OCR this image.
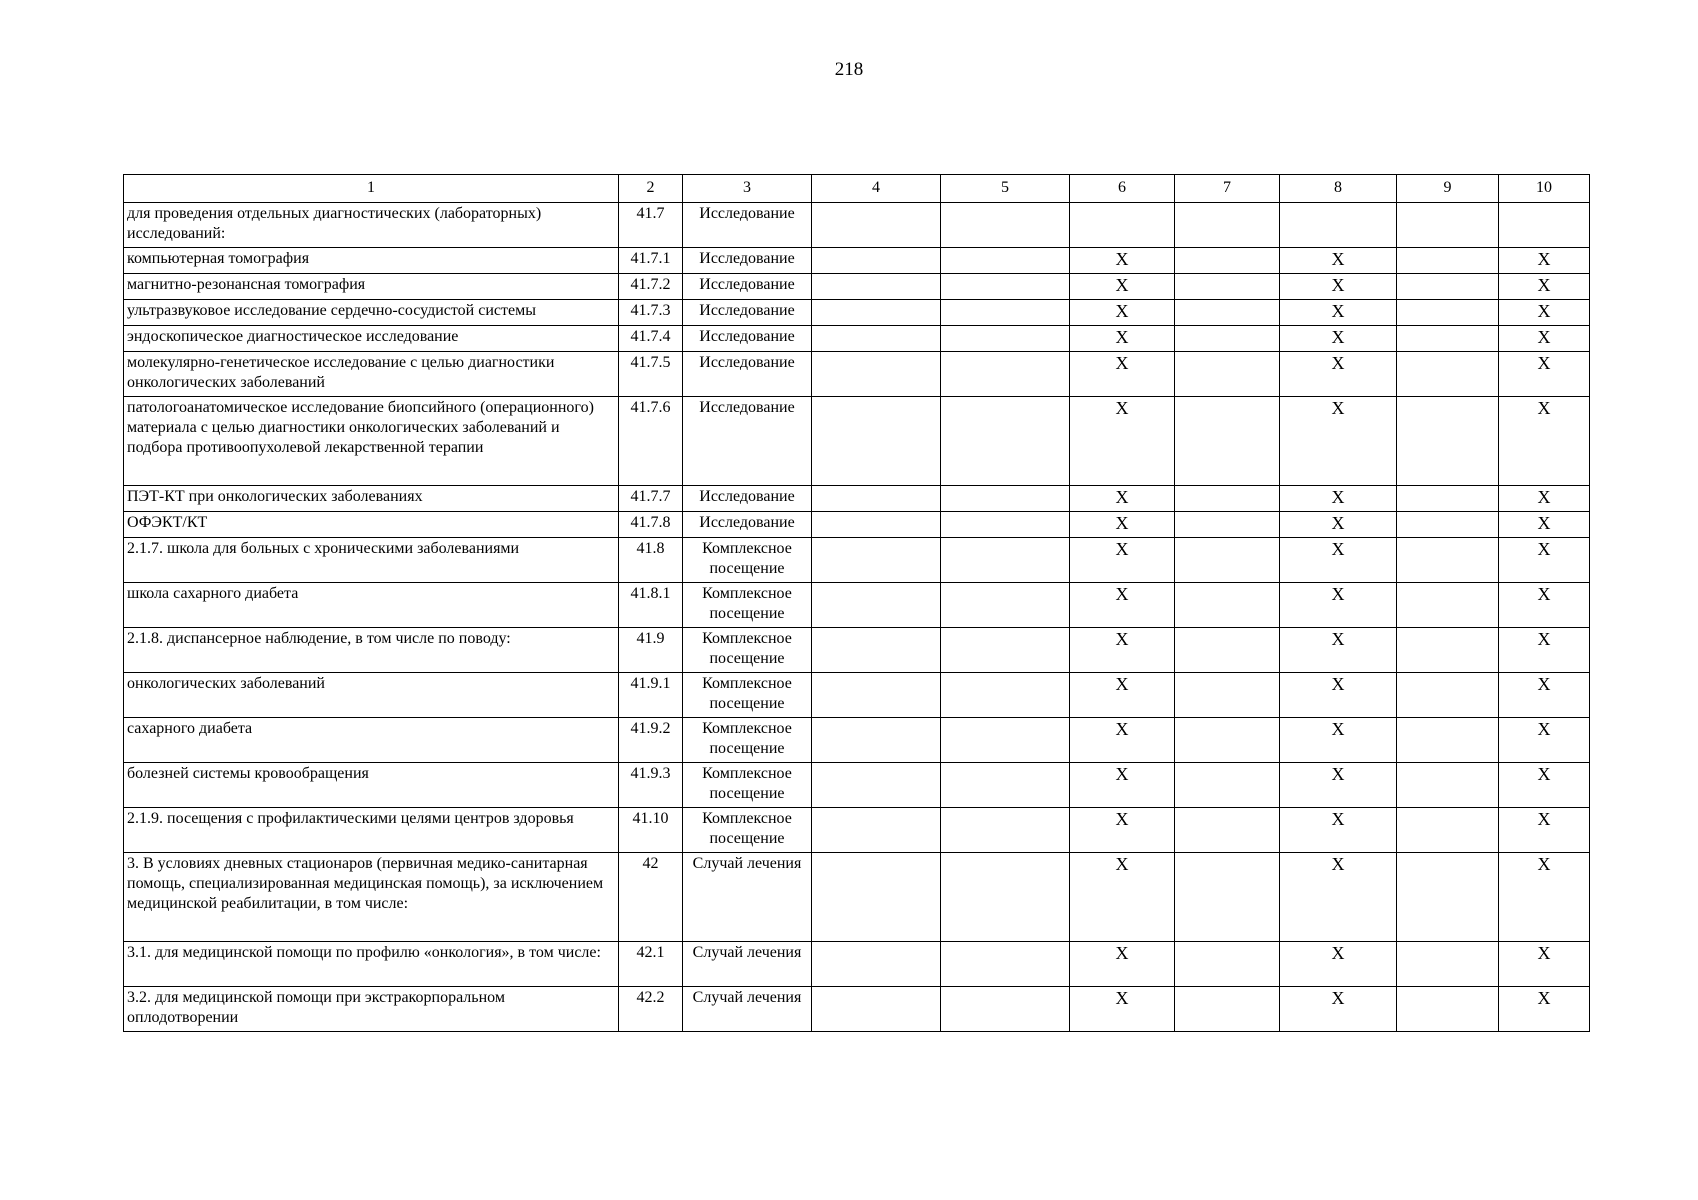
218
1	2	3	4	5	6	7	8	9	10
для проведения отдельных диагностических (лабораторных) исследований:	41.7	Исследование							
компьютерная томография	41.7.1	Исследование			X		X		X
магнитно-резонансная томография	41.7.2	Исследование			X		X		X
ультразвуковое исследование сердечно-сосудистой системы	41.7.3	Исследование			X		X		X
эндоскопическое диагностическое исследование	41.7.4	Исследование			X		X		X
молекулярно-генетическое исследование с целью диагностики онкологических заболеваний	41.7.5	Исследование			X		X		X
патологоанатомическое исследование биопсийного (операционного) материала с целью диагностики онкологических заболеваний и подбора противоопухолевой лекарственной терапии	41.7.6	Исследование			X		X		X
ПЭТ-КТ при онкологических заболеваниях	41.7.7	Исследование			X		X		X
ОФЭКТ/КТ	41.7.8	Исследование			X		X		X
2.1.7. школа для больных с хроническими заболеваниями	41.8	Комплексное посещение			X		X		X
школа сахарного диабета	41.8.1	Комплексное посещение			X		X		X
2.1.8. диспансерное наблюдение, в том числе по поводу:	41.9	Комплексное посещение			X		X		X
онкологических заболеваний	41.9.1	Комплексное посещение			X		X		X
сахарного диабета	41.9.2	Комплексное посещение			X		X		X
болезней системы кровообращения	41.9.3	Комплексное посещение			X		X		X
2.1.9. посещения с профилактическими целями центров здоровья	41.10	Комплексное посещение			X		X		X
3. В условиях дневных стационаров (первичная медико-санитарная помощь, специализированная медицинская помощь), за исключением медицинской реабилитации, в том числе:	42	Случай лечения			X		X		X
3.1. для медицинской помощи по профилю «онкология», в том числе:	42.1	Случай лечения			X		X		X
3.2. для медицинской помощи при экстракорпоральном оплодотворении	42.2	Случай лечения			X		X		X
